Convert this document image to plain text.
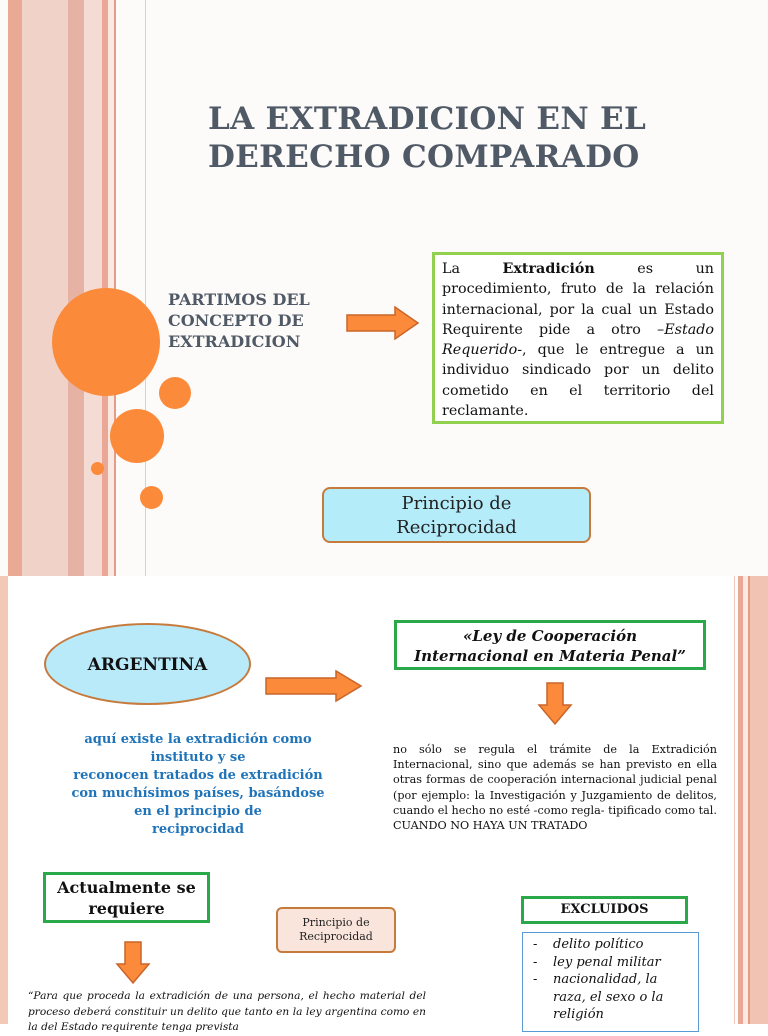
LA EXTRADICION EN EL
DERECHO COMPARADO
PARTIMOS DEL
CONCEPTO DE
EXTRADICION
La Extradición es un procedimiento, fruto de la relación internacional, por la cual un Estado Requirente pide a otro –Estado Requerido-, que le entregue a un individuo sindicado por un delito cometido en el territorio del reclamante.
Principio de
Reciprocidad
ARGENTINA
aquí existe la extradición como
instituto y se
reconocen tratados de extradición
con muchísimos países, basándose
en el principio de
reciprocidad
«Ley de Cooperación
Internacional en Materia Penal”
no sólo se regula el trámite de la Extradición Internacional, sino que además se han previsto en ella otras formas de cooperación internacional judicial penal (por ejemplo: la Investigación y Juzgamiento de delitos, cuando el hecho no esté -como regla- tipificado como tal.
CUANDO NO HAYA UN TRATADO
Actualmente se
requiere
Principio de
Reciprocidad
EXCLUIDOS
- delito político
- ley penal militar
- nacionalidad, la raza, el sexo o la religión
“Para que proceda la extradición de una persona, el hecho material del proceso deberá constituir un delito que tanto en la ley argentina como en la del Estado requirente tenga prevista
